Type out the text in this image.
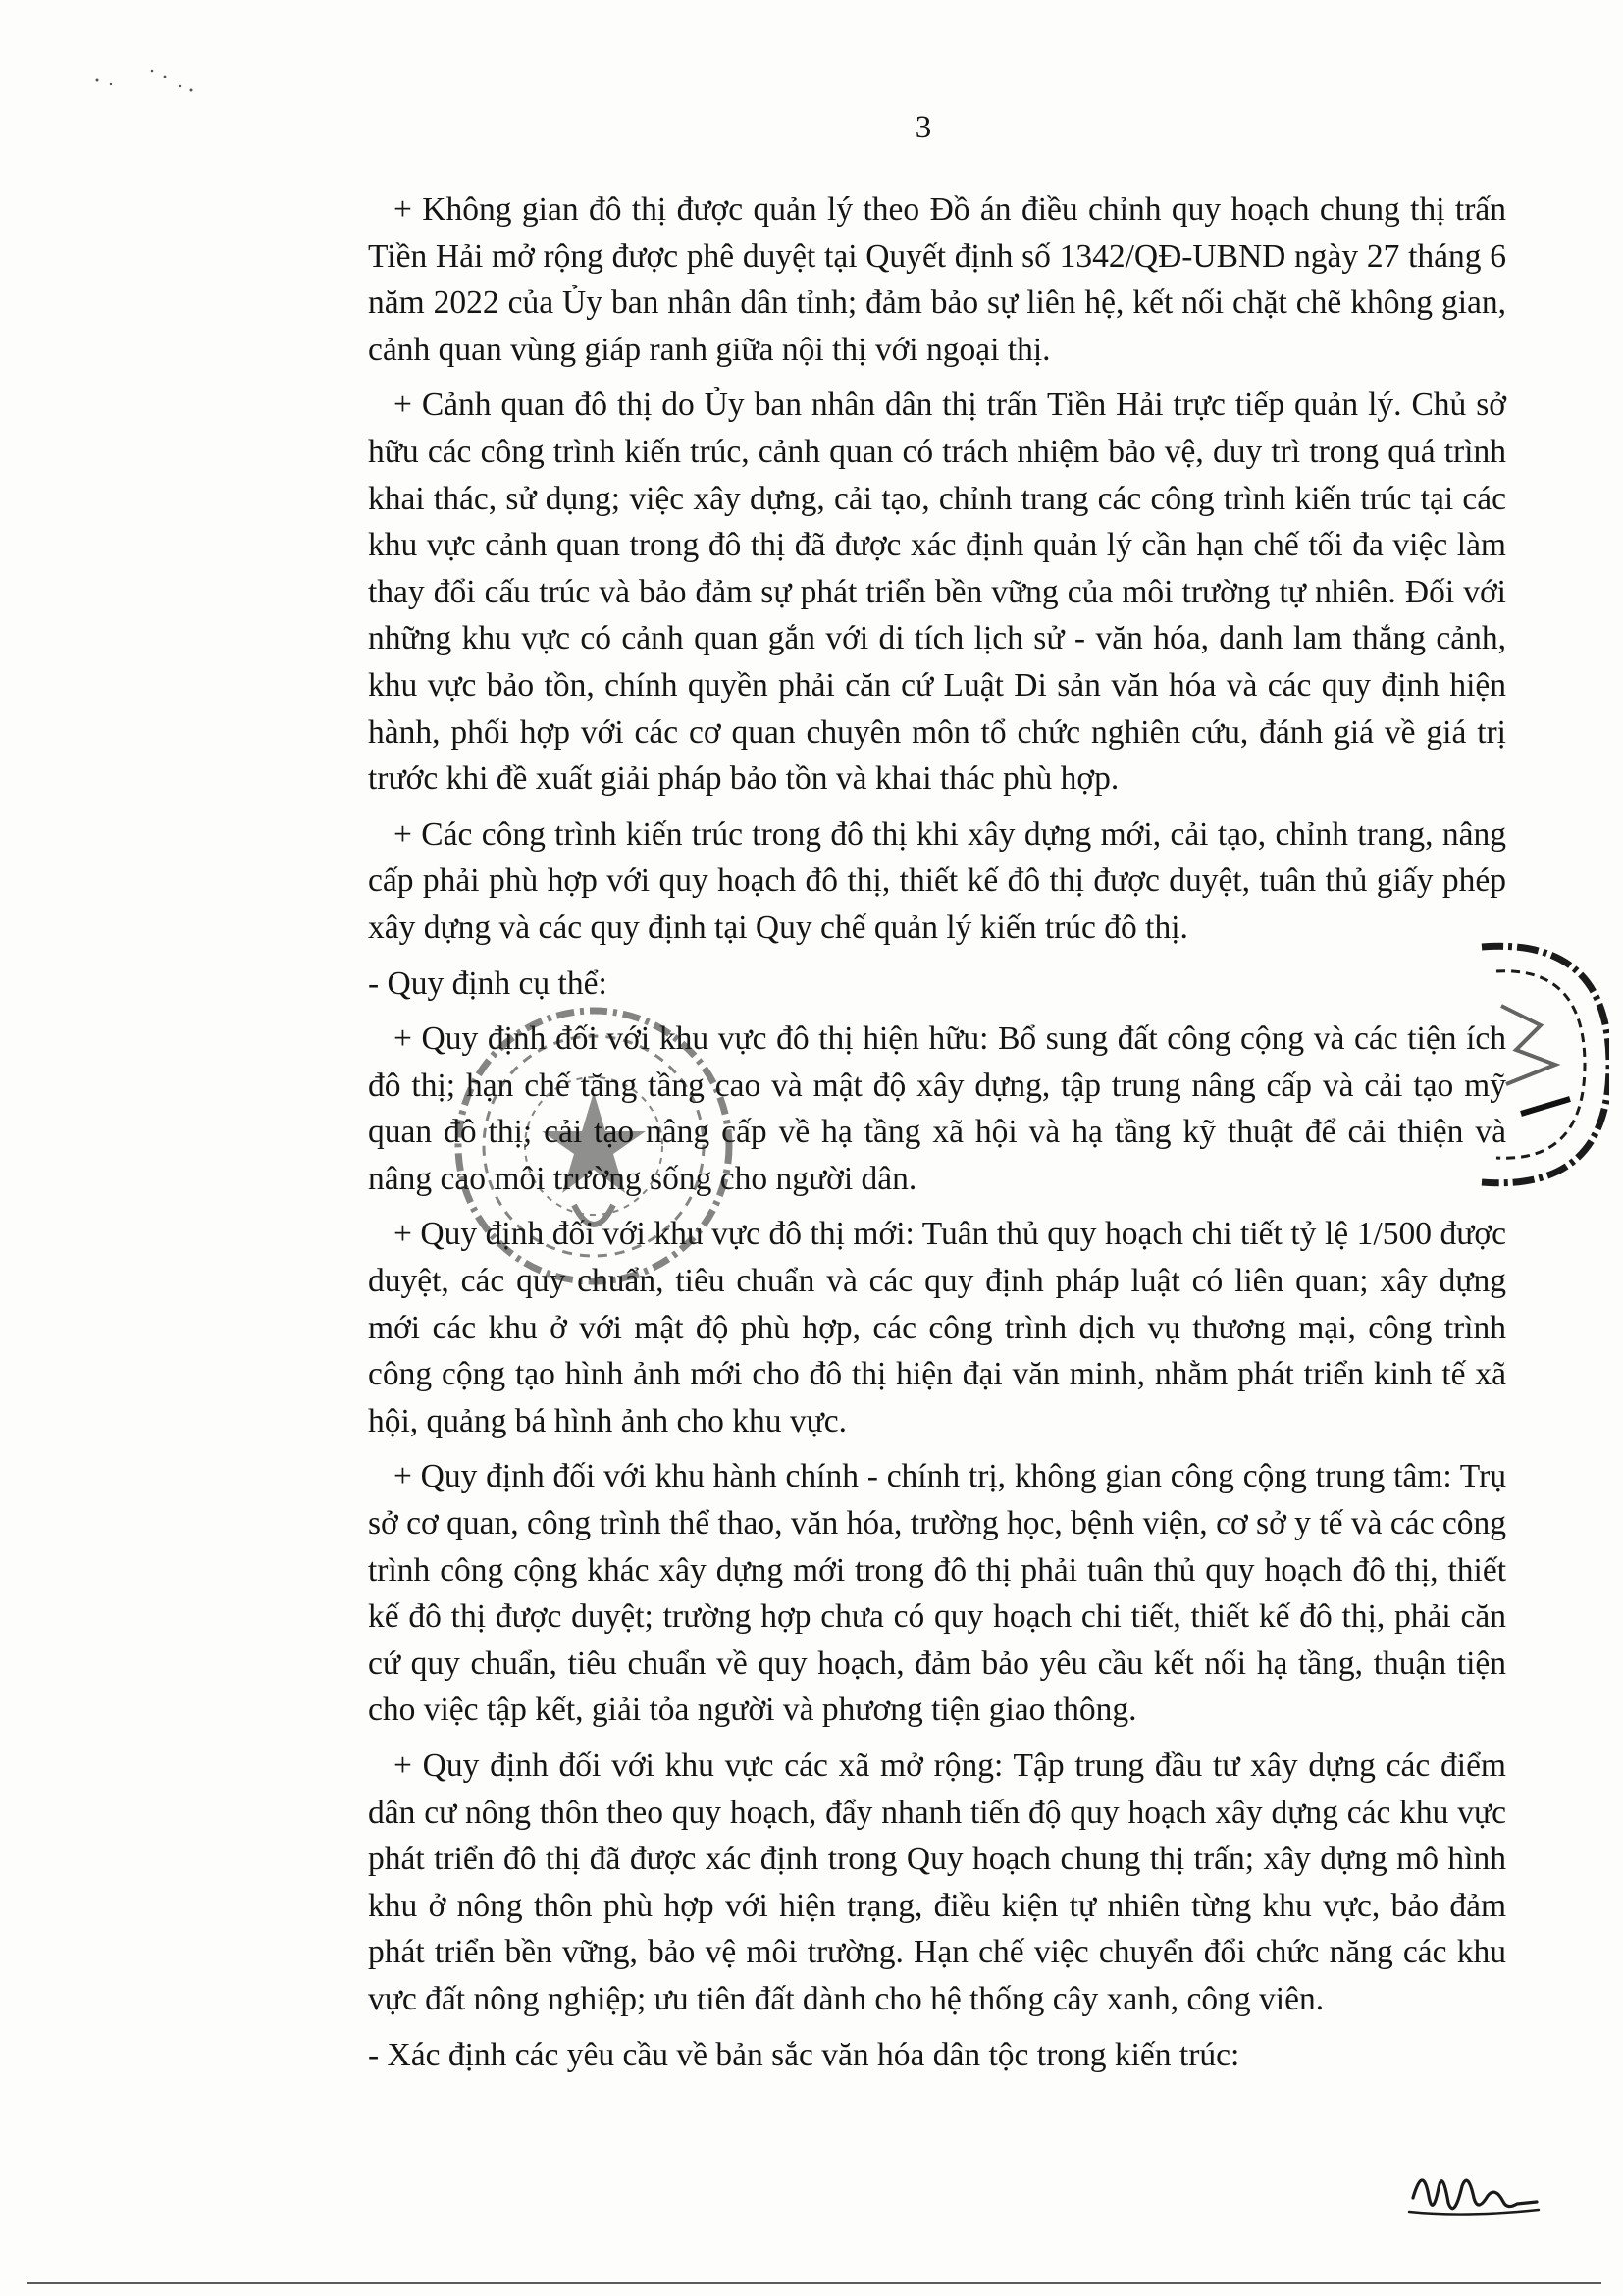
3

+ Không gian đô thị được quản lý theo Đồ án điều chỉnh quy hoạch chung thị trấn Tiền Hải mở rộng được phê duyệt tại Quyết định số 1342/QĐ-UBND ngày 27 tháng 6 năm 2022 của Ủy ban nhân dân tỉnh; đảm bảo sự liên hệ, kết nối chặt chẽ không gian, cảnh quan vùng giáp ranh giữa nội thị với ngoại thị.

+ Cảnh quan đô thị do Ủy ban nhân dân thị trấn Tiền Hải trực tiếp quản lý. Chủ sở hữu các công trình kiến trúc, cảnh quan có trách nhiệm bảo vệ, duy trì trong quá trình khai thác, sử dụng; việc xây dựng, cải tạo, chỉnh trang các công trình kiến trúc tại các khu vực cảnh quan trong đô thị đã được xác định quản lý cần hạn chế tối đa việc làm thay đổi cấu trúc và bảo đảm sự phát triển bền vững của môi trường tự nhiên. Đối với những khu vực có cảnh quan gắn với di tích lịch sử - văn hóa, danh lam thắng cảnh, khu vực bảo tồn, chính quyền phải căn cứ Luật Di sản văn hóa và các quy định hiện hành, phối hợp với các cơ quan chuyên môn tổ chức nghiên cứu, đánh giá về giá trị trước khi đề xuất giải pháp bảo tồn và khai thác phù hợp.

+ Các công trình kiến trúc trong đô thị khi xây dựng mới, cải tạo, chỉnh trang, nâng cấp phải phù hợp với quy hoạch đô thị, thiết kế đô thị được duyệt, tuân thủ giấy phép xây dựng và các quy định tại Quy chế quản lý kiến trúc đô thị.

- Quy định cụ thể:

+ Quy định đối với khu vực đô thị hiện hữu: Bổ sung đất công cộng và các tiện ích đô thị; hạn chế tăng tầng cao và mật độ xây dựng, tập trung nâng cấp và cải tạo mỹ quan đô thị; cải tạo nâng cấp về hạ tầng xã hội và hạ tầng kỹ thuật để cải thiện và nâng cao môi trường sống cho người dân.

+ Quy định đối với khu vực đô thị mới: Tuân thủ quy hoạch chi tiết tỷ lệ 1/500 được duyệt, các quy chuẩn, tiêu chuẩn và các quy định pháp luật có liên quan; xây dựng mới các khu ở với mật độ phù hợp, các công trình dịch vụ thương mại, công trình công cộng tạo hình ảnh mới cho đô thị hiện đại văn minh, nhằm phát triển kinh tế xã hội, quảng bá hình ảnh cho khu vực.

+ Quy định đối với khu hành chính - chính trị, không gian công cộng trung tâm: Trụ sở cơ quan, công trình thể thao, văn hóa, trường học, bệnh viện, cơ sở y tế và các công trình công cộng khác xây dựng mới trong đô thị phải tuân thủ quy hoạch đô thị, thiết kế đô thị được duyệt; trường hợp chưa có quy hoạch chi tiết, thiết kế đô thị, phải căn cứ quy chuẩn, tiêu chuẩn về quy hoạch, đảm bảo yêu cầu kết nối hạ tầng, thuận tiện cho việc tập kết, giải tỏa người và phương tiện giao thông.

+ Quy định đối với khu vực các xã mở rộng: Tập trung đầu tư xây dựng các điểm dân cư nông thôn theo quy hoạch, đẩy nhanh tiến độ quy hoạch xây dựng các khu vực phát triển đô thị đã được xác định trong Quy hoạch chung thị trấn; xây dựng mô hình khu ở nông thôn phù hợp với hiện trạng, điều kiện tự nhiên từng khu vực, bảo đảm phát triển bền vững, bảo vệ môi trường. Hạn chế việc chuyển đổi chức năng các khu vực đất nông nghiệp; ưu tiên đất dành cho hệ thống cây xanh, công viên.

- Xác định các yêu cầu về bản sắc văn hóa dân tộc trong kiến trúc:
